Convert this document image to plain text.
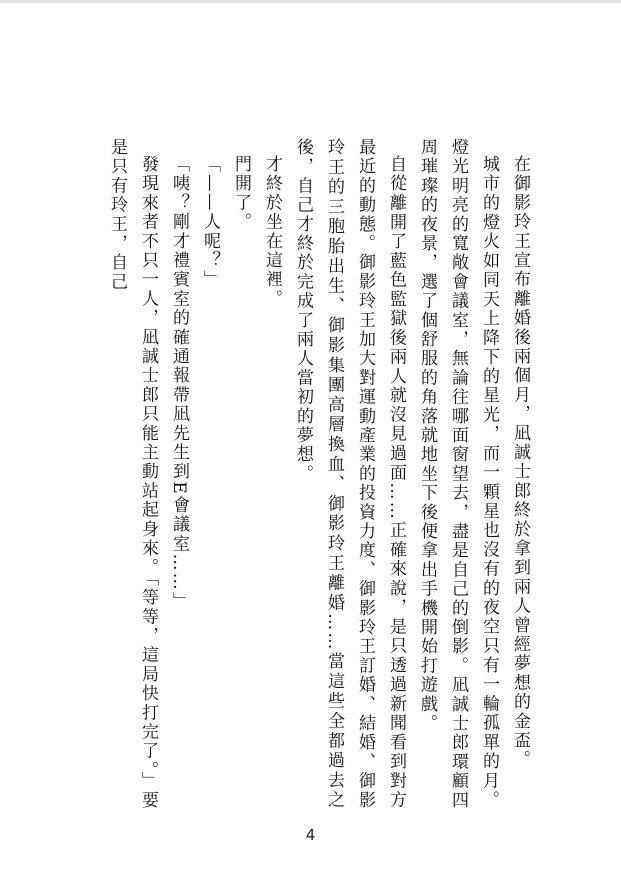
在御影玲王宣布離婚後兩個月，凪誠士郎終於拿到兩人曾經夢想的金盃。

城市的燈火如同天上降下的星光，而一顆星也沒有的夜空只有一輪孤單的月。燈光明亮的寬敞會議室，無論往哪面窗望去，盡是自己的倒影。凪誠士郎環顧四周璀璨的夜景，選了個舒服的角落就地坐下後便拿出手機開始打遊戲。

自從離開了藍色監獄後兩人就沒見過面……正確來說，是只透過新聞看到對方最近的動態。御影玲王加大對運動產業的投資力度、御影玲王訂婚、結婚、御影玲王的三胞胎出生、御影集團高層換血、御影玲王離婚……當這些全都過去之後，自己才終於完成了兩人當初的夢想。

才終於坐在這裡。

門開了。

「——人呢？」

「咦？剛才禮賓室的確通報帶凪先生到E會議室……」

發現來者不只一人，凪誠士郎只能主動站起身來。「等等，這局快打完了。」要是只有玲王，自己

4
